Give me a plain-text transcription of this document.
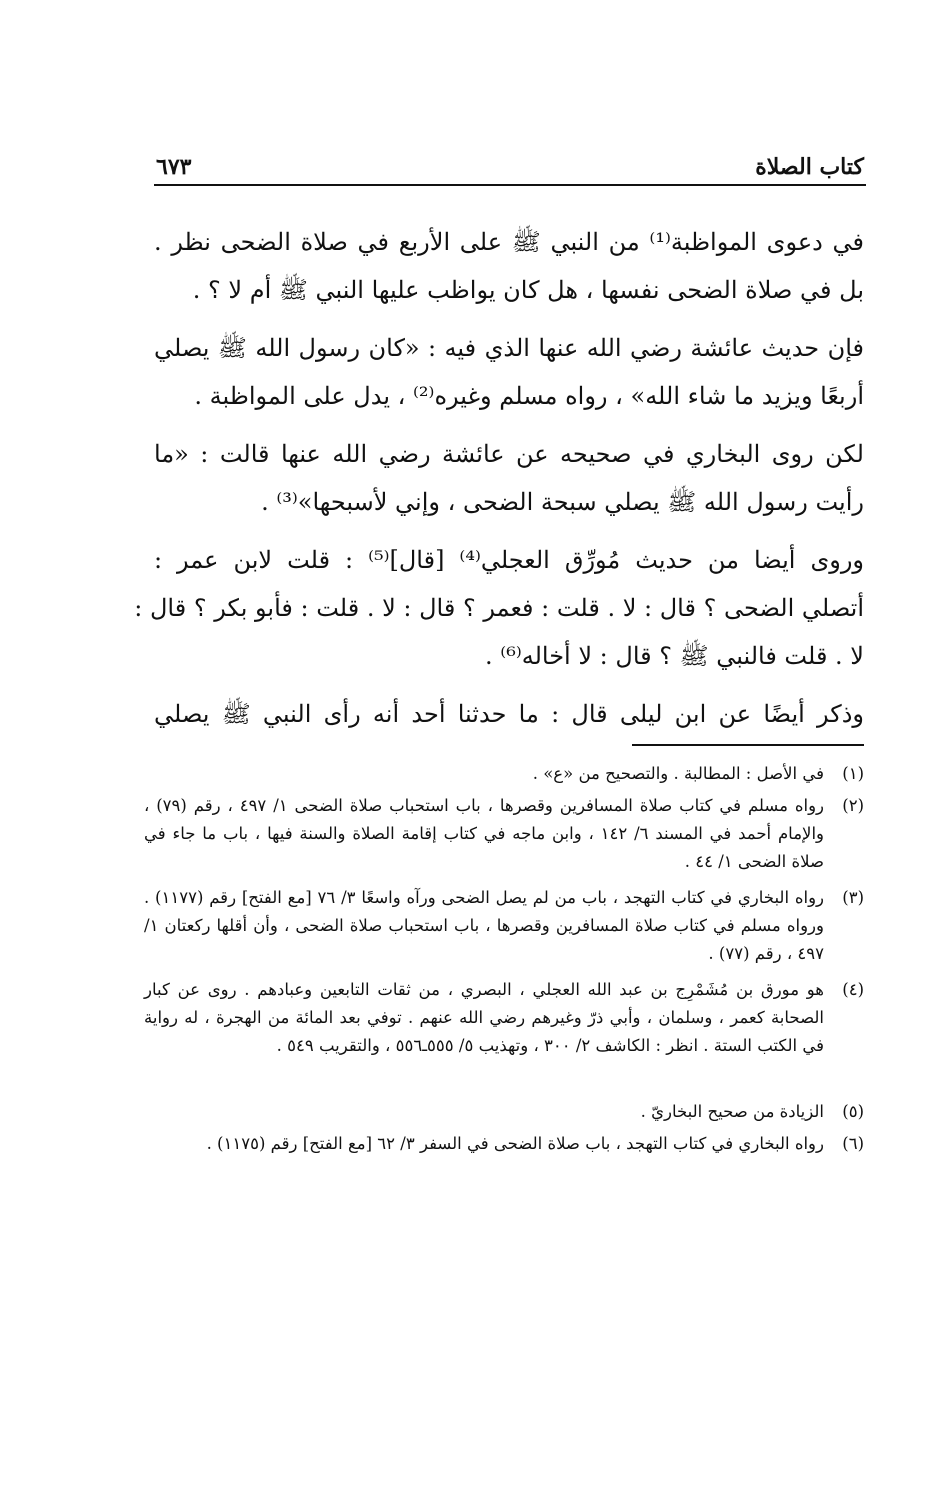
كتاب الصلاة
٦٧٣
في دعوى المواظبة⁽¹⁾ من النبي ﷺ على الأربع في صلاة الضحى نظر .
بل في صلاة الضحى نفسها ، هل كان يواظب عليها النبي ﷺ أم لا ؟ .
فإن حديث عائشة رضي الله عنها الذي فيه : «كان رسول الله ﷺ يصلي
أربعًا ويزيد ما شاء الله» ، رواه مسلم وغيره⁽²⁾ ، يدل على المواظبة .
لكن روى البخاري في صحيحه عن عائشة رضي الله عنها قالت : «ما
رأيت رسول الله ﷺ يصلي سبحة الضحى ، وإني لأسبحها»⁽³⁾ .
وروى أيضا من حديث مُورِّق العجلي⁽⁴⁾ [قال]⁽⁵⁾ : قلت لابن عمر :
أتصلي الضحى ؟ قال : لا . قلت : فعمر ؟ قال : لا . قلت : فأبو بكر ؟ قال :
لا . قلت فالنبي ﷺ ؟ قال : لا أخاله⁽⁶⁾ .
وذكر أيضًا عن ابن ليلى قال : ما حدثنا أحد أنه رأى النبي ﷺ يصلي
(١)
في الأصل : المطالبة . والتصحيح من «ع» .
(٢)
رواه مسلم في كتاب صلاة المسافرين وقصرها ، باب استحباب صلاة الضحى ١/ ٤٩٧ ، رقم (٧٩) ، والإمام أحمد في المسند ٦/ ١٤٢ ، وابن ماجه في كتاب إقامة الصلاة والسنة فيها ، باب ما جاء في صلاة الضحى ١/ ٤٤ .
(٣)
رواه البخاري في كتاب التهجد ، باب من لم يصل الضحى ورآه واسعًا ٣/ ٧٦ [مع الفتح] رقم (١١٧٧) . ورواه مسلم في كتاب صلاة المسافرين وقصرها ، باب استحباب صلاة الضحى ، وأن أقلها ركعتان ١/ ٤٩٧ ، رقم (٧٧) .
(٤)
هو مورق بن مُشَمْرِج بن عبد الله العجلي ، البصري ، من ثقات التابعين وعبادهم . روى عن كبار الصحابة كعمر ، وسلمان ، وأبي ذرّ وغيرهم رضي الله عنهم . توفي بعد المائة من الهجرة ، له رواية في الكتب الستة . انظر : الكاشف ٢/ ٣٠٠ ، وتهذيب ٥/ ٥٥٥ـ٥٥٦ ، والتقريب ٥٤٩ .
(٥)
الزيادة من صحيح البخاريّ .
(٦)
رواه البخاري في كتاب التهجد ، باب صلاة الضحى في السفر ٣/ ٦٢ [مع الفتح] رقم (١١٧٥) .
